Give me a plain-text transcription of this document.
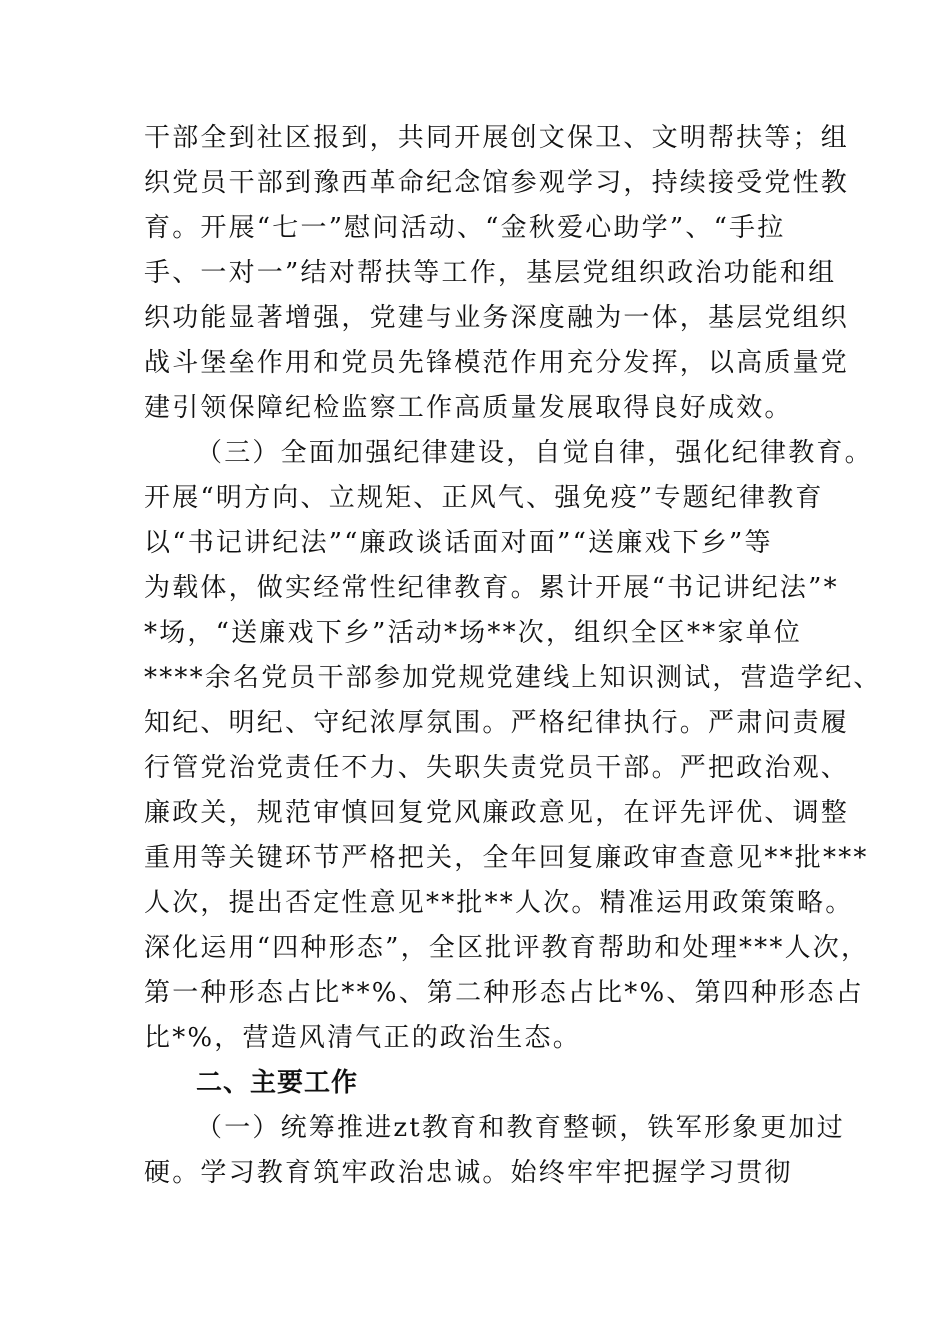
干部全到社区报到，共同开展创文保卫、文明帮扶等；组
织党员干部到豫西革命纪念馆参观学习，持续接受党性教
育。开展“七一”慰问活动、“金秋爱心助学”、“手拉
手、一对一”结对帮扶等工作，基层党组织政治功能和组
织功能显著增强，党建与业务深度融为一体，基层党组织
战斗堡垒作用和党员先锋模范作用充分发挥，以高质量党
建引领保障纪检监察工作高质量发展取得良好成效。
（三）全面加强纪律建设，自觉自律，强化纪律教育。
开展“明方向、立规矩、正风气、强免疫”专题纪律教育
以“书记讲纪法”“廉政谈话面对面”“送廉戏下乡”等
为载体，做实经常性纪律教育。累计开展“书记讲纪法”*
*场，“送廉戏下乡”活动*场**次，组织全区**家单位
****余名党员干部参加党规党建线上知识测试，营造学纪、
知纪、明纪、守纪浓厚氛围。严格纪律执行。严肃问责履
行管党治党责任不力、失职失责党员干部。严把政治观、
廉政关，规范审慎回复党风廉政意见，在评先评优、调整
重用等关键环节严格把关，全年回复廉政审查意见**批***
人次，提出否定性意见**批**人次。精准运用政策策略。
深化运用“四种形态”，全区批评教育帮助和处理***人次，
第一种形态占比**%、第二种形态占比*%、第四种形态占
比*%，营造风清气正的政治生态。
二、主要工作
（一）统筹推进zt教育和教育整顿，铁军形象更加过
硬。学习教育筑牢政治忠诚。始终牢牢把握学习贯彻
